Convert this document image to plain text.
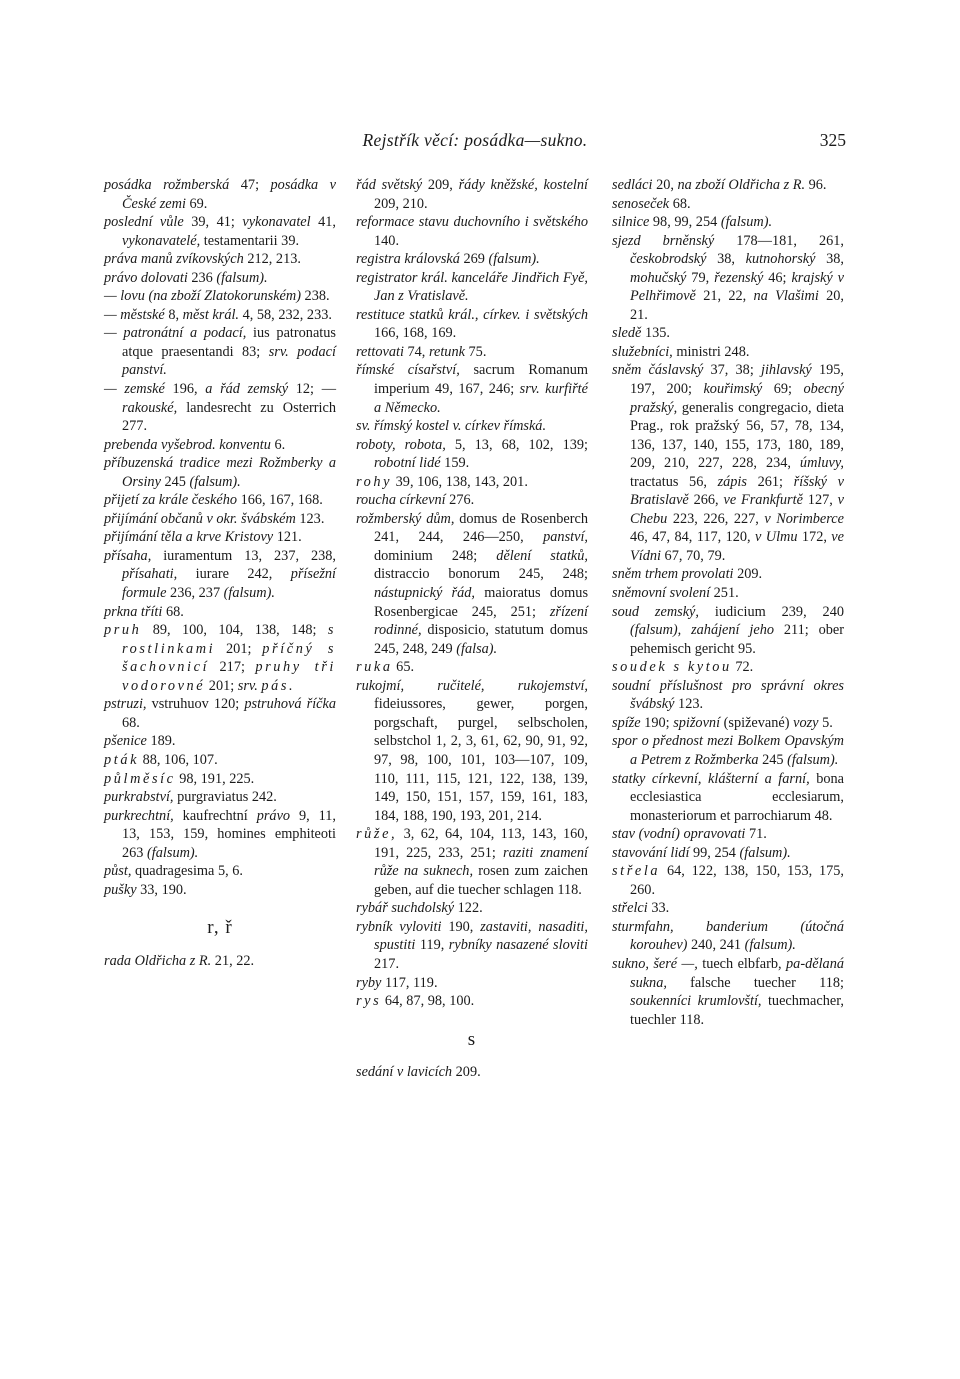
Rejstřík věcí: posádka—sukno.	325

posádka rožmberská 47; posádka v České zemi 69.

poslední vůle 39, 41; vykonavatel 41, vykonavatelé, testamentarii 39.

práva manů zvíkovských 212, 213.

právo dolovati 236 (falsum).

— lovu (na zboží Zlatokorunském) 238.

— městské 8, měst král. 4, 58, 232, 233.

— patronátní a podací, ius patronatus atque praesentandi 83; srv. podací panství.

— zemské 196, a řád zemský 12; — rakouské, landesrecht zu Osterrich 277.

prebenda vyšebrod. konventu 6.

příbuzenská tradice mezi Rožmberky a Orsiny 245 (falsum).

přijetí za krále českého 166, 167, 168.

přijímání občanů v okr. švábském 123.

přijímání těla a krve Kristovy 121.

přísaha, iuramentum 13, 237, 238, přísahati, iurare 242, přísežní formule 236, 237 (falsum).

prkna tříti 68.

pruh 89, 100, 104, 138, 148; s rostlinkami 201; příčný s šachovnicí 217; pruhy tři vodorovné 201; srv. pás.

pstruzi, vstruhuov 120; pstruhová říčka 68.

pšenice 189.

pták 88, 106, 107.

půlměsíc 98, 191, 225.

purkrabství, purgraviatus 242.

purkrechtní, kaufrechtní právo 9, 11, 13, 153, 159, homines emphiteoti 263 (falsum).

půst, quadragesima 5, 6.

pušky 33, 190.

r, ř

rada Oldřicha z R. 21, 22.

řád světský 209, řády kněžské, kostelní 209, 210.

reformace stavu duchovního i světského 140.

registra královská 269 (falsum).

registrator král. kanceláře Jindřich Fyě, Jan z Vratislavě.

restituce statků král., církev. i světských 166, 168, 169.

rettovati 74, retunk 75.

římské císařství, sacrum Romanum imperium 49, 167, 246; srv. kurfiřté a Německo.

sv. římský kostel v. církev římská.

roboty, robota, 5, 13, 68, 102, 139; robotní lidé 159.

rohy 39, 106, 138, 143, 201.

roucha církevní 276.

rožmberský dům, domus de Rosenberch 241, 244, 246—250, panství, dominium 248; dělení statků, distraccio bonorum 245, 248; nástupnický řád, maioratus domus Rosenbergicae 245, 251; zřízení rodinné, disposicio, statutum domus 245, 248, 249 (falsa).

ruka 65.

rukojmí, ručitelé, rukojemství, fideiussores, gewer, porgen, porgschaft, purgel, selbscholen, selbstchol 1, 2, 3, 61, 62, 90, 91, 92, 97, 98, 100, 101, 103—107, 109, 110, 111, 115, 121, 122, 138, 139, 149, 150, 151, 157, 159, 161, 183, 184, 188, 190, 193, 201, 214.

růže, 3, 62, 64, 104, 113, 143, 160, 191, 225, 233, 251; raziti znamení růže na suknech, rosen zum zaichen geben, auf die tuecher schlagen 118.

rybář suchdolský 122.

rybník vyloviti 190, zastaviti, nasaditi, spustiti 119, rybníky nasazené sloviti 217.

ryby 117, 119.

rys 64, 87, 98, 100.

s

sedání v lavicích 209.

sedláci 20, na zboží Oldřicha z R. 96.

senoseček 68.

silnice 98, 99, 254 (falsum).

sjezd brněnský 178—181, 261, českobrodský 38, kutnohorský 38, mohučský 79, řezenský 46; krajský v Pelhřimově 21, 22, na Vlašimi 20, 21.

sledě 135.

služebníci, ministri 248.

sněm čáslavský 37, 38; jihlavský 195, 197, 200; kouřimský 69; obecný pražský, generalis congregacio, dieta Prag., rok pražský 56, 57, 78, 134, 136, 137, 140, 155, 173, 180, 189, 209, 210, 227, 228, 234, úmluvy, tractatus 56, zápis 261; říšský v Bratislavě 266, ve Frankfurtě 127, v Chebu 223, 226, 227, v Norimberce 46, 47, 84, 117, 120, v Ulmu 172, ve Vídni 67, 70, 79.

sněm trhem provolati 209.

sněmovní svolení 251.

soud zemský, iudicium 239, 240 (falsum), zahájení jeho 211; ober pehemisch gericht 95.

soudek s kytou 72.

soudní příslušnost pro správní okres švábský 123.

spíže 190; spižovní (spiževané) vozy 5.

spor o přednost mezi Bolkem Opavským a Petrem z Rožmberka 245 (falsum).

statky církevní, klášterní a farní, bona ecclesiastica ecclesiarum, monasteriorum et parrochiarum 48.

stav (vodní) opravovati 71.

stavování lidí 99, 254 (falsum).

střela 64, 122, 138, 150, 153, 175, 260.

střelci 33.

sturmfahn, banderium (útočná korouhev) 240, 241 (falsum).

sukno, šeré —, tuech elbfarb, pa-dělaná sukna, falsche tuecher 118; soukenníci krumlovští, tuechmacher, tuechler 118.
